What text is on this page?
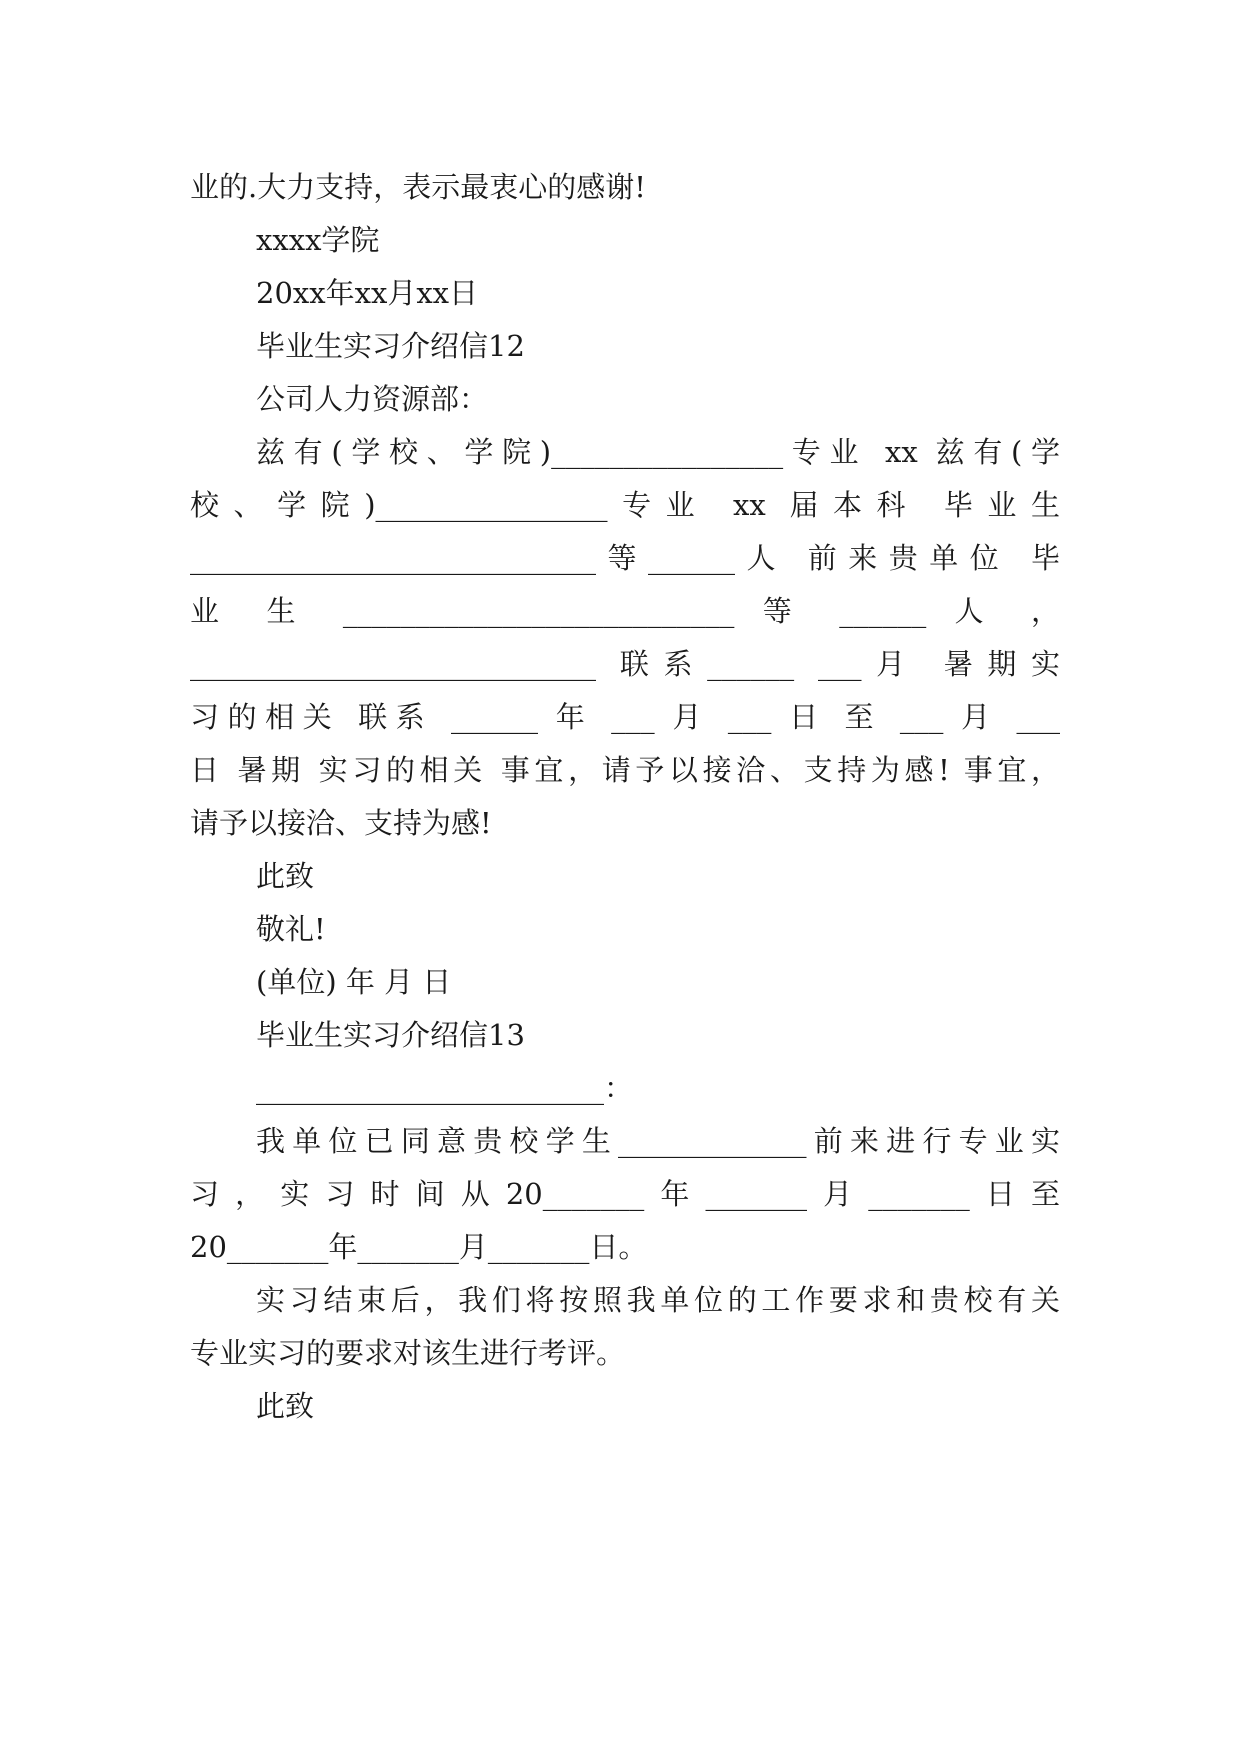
业的.大力支持，表示最衷心的感谢!
xxxx学院
20xx年xx月xx日
毕业生实习介绍信12
公司人力资源部：
兹有(学校、学院)________________专业 xx 兹有(学
校、学院)________________专业 xx 届本科 毕业生
____________________________等______人 前来贵单位 毕
业 生 ___________________________ 等 ______ 人 ，
____________________________ 联系______ ___月 暑期实
习的相关 联系 ______ 年 ___ 月 ___ 日 至 ___ 月 ___
日 暑期 实习的相关 事宜，请予以接洽、支持为感! 事宜，
请予以接洽、支持为感!
此致
敬礼!
(单位) 年 月 日
毕业生实习介绍信13
________________________：
我单位已同意贵校学生_____________前来进行专业实
习，实习时间从20_______年_______月_______日至
20_______年_______月_______日。
实习结束后，我们将按照我单位的工作要求和贵校有关
专业实习的要求对该生进行考评。
此致
